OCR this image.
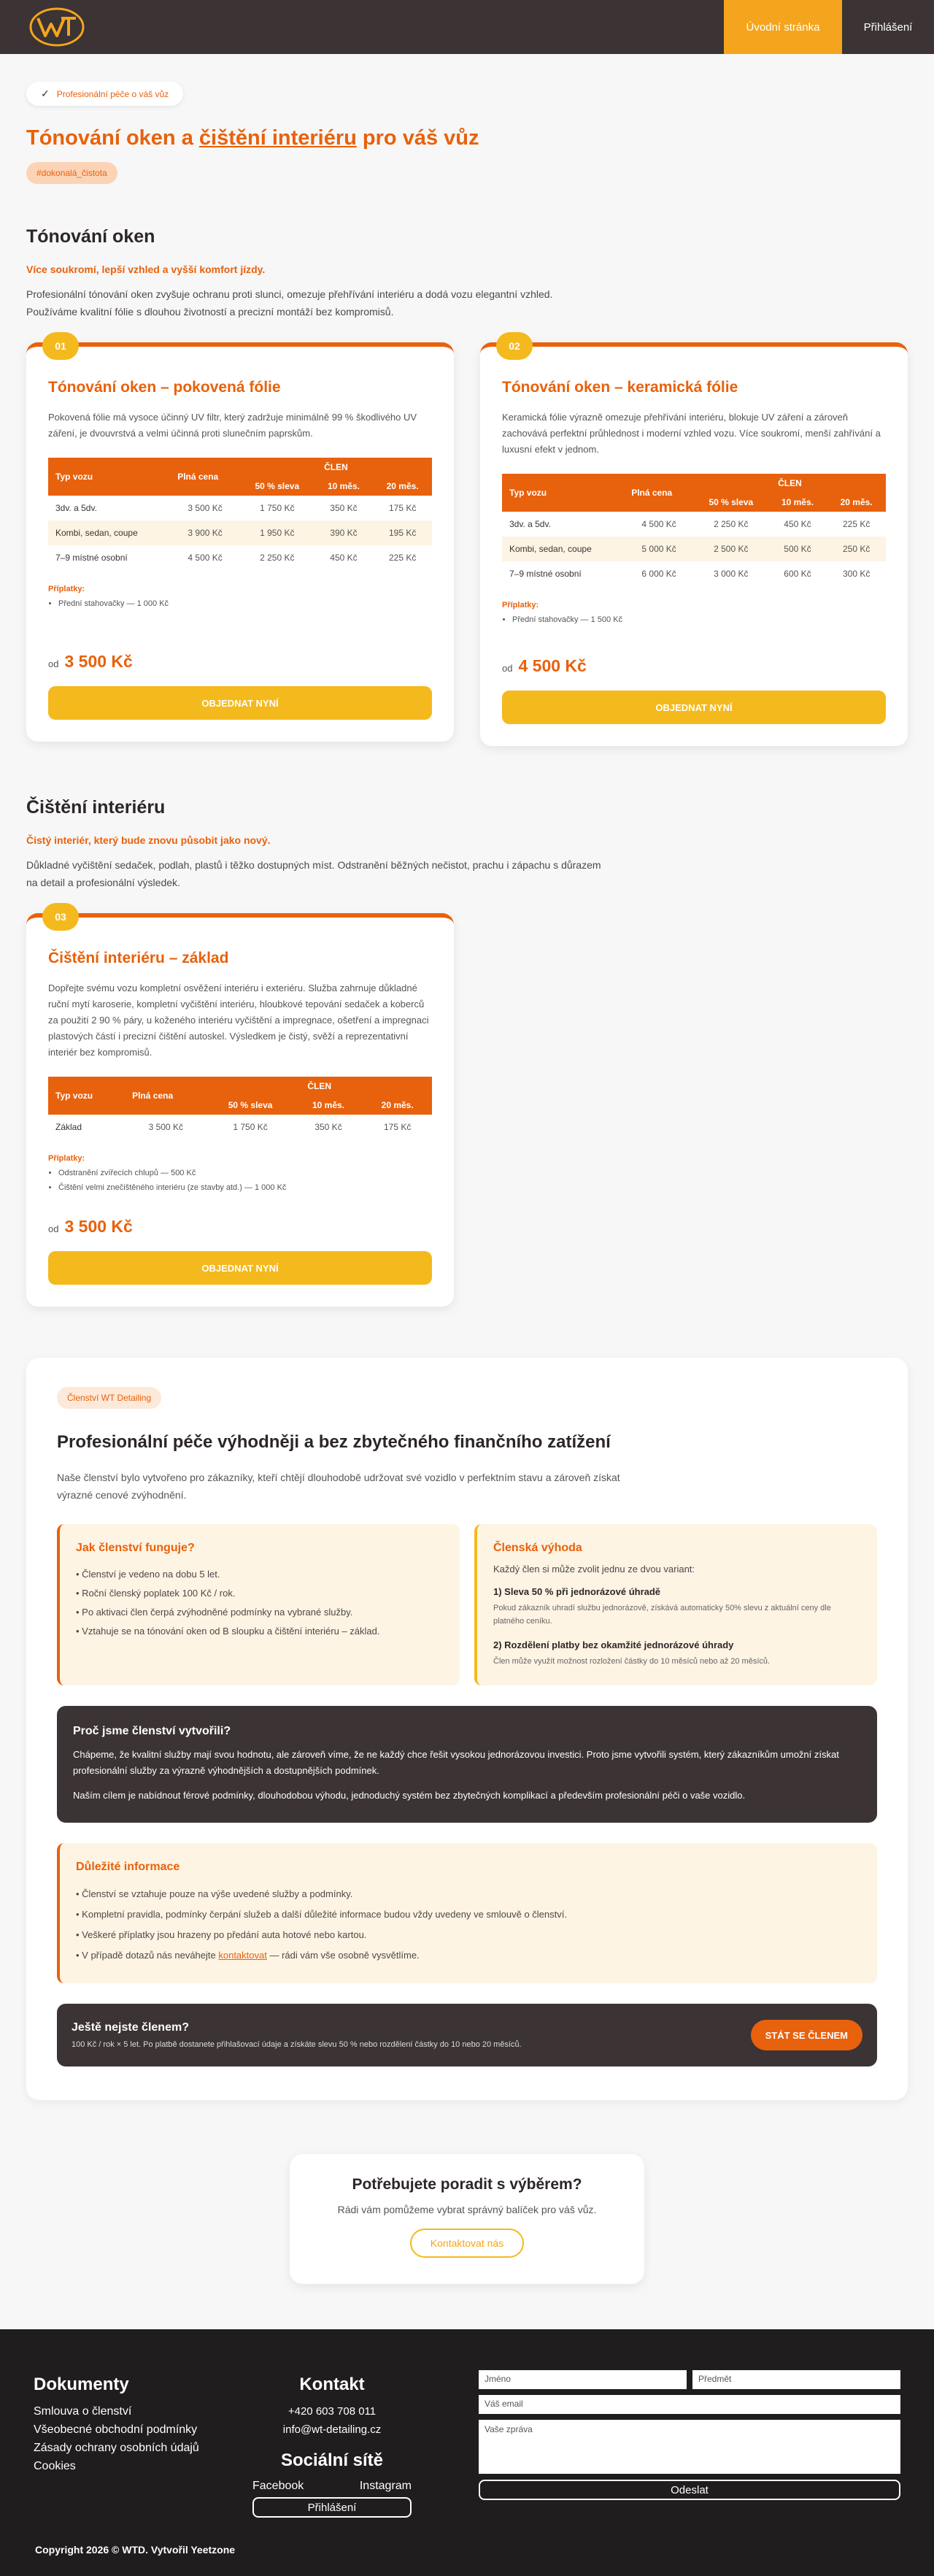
Úvodní stránka	Přihlášení
✓ Profesionální péče o váš vůz
Tónování oken a čištění interiéru pro váš vůz
#dokonalá_čistota
Tónování oken
Více soukromí, lepší vzhled a vyšší komfort jízdy.
Profesionální tónování oken zvyšuje ochranu proti slunci, omezuje přehřívání interiéru a dodá vozu elegantní vzhled. Používáme kvalitní fólie s dlouhou životností a precizní montáží bez kompromisů.
01
Tónování oken – pokovená fólie

Pokovená fólie má vysoce účinný UV filtr, který zadržuje minimálně 99 % škodlivého UV záření, je dvouvrstvá a velmi účinná proti slunečním paprskům.

Typ vozu	Plná cena	ČLEN		
		50 % sleva	10 měs.	20 měs.
3dv. a 5dv.	3 500 Kč	1 750 Kč	350 Kč	175 Kč
Kombi, sedan, coupe	3 900 Kč	1 950 Kč	390 Kč	195 Kč
7–9 místné osobní	4 500 Kč	2 250 Kč	450 Kč	225 Kč
Příplatky:
• Přední stahovačky — 1 000 Kč
od 3 500 Kč
OBJEDNAT NYNÍ
02
Tónování oken – keramická fólie

Keramická fólie výrazně omezuje přehřívání interiéru, blokuje UV záření a zároveň zachovává perfektní průhlednost i moderní vzhled vozu. Více soukromí, menší zahřívání a luxusní efekt v jednom.

Typ vozu	Plná cena	ČLEN		
		50 % sleva	10 měs.	20 měs.
3dv. a 5dv.	4 500 Kč	2 250 Kč	450 Kč	225 Kč
Kombi, sedan, coupe	5 000 Kč	2 500 Kč	500 Kč	250 Kč
7–9 místné osobní	6 000 Kč	3 000 Kč	600 Kč	300 Kč
Příplatky:
• Přední stahovačky — 1 500 Kč
od 4 500 Kč
OBJEDNAT NYNÍ
Čištění interiéru
Čistý interiér, který bude znovu působit jako nový.
Důkladné vyčištění sedaček, podlah, plastů i těžko dostupných míst. Odstranění běžných nečistot, prachu i zápachu s důrazem na detail a profesionální výsledek.
03
Čištění interiéru – základ

Dopřejte svému vozu kompletní osvěžení interiéru i exteriéru. Služba zahrnuje důkladné ruční mytí karoserie, kompletní vyčištění interiéru, hloubkové tepování sedaček a koberců za použití 2 90 % páry, u koženého interiéru vyčištění a impregnace, ošetření a impregnaci plastových částí i precizní čištění autoskel. Výsledkem je čistý, svěží a reprezentativní interiér bez kompromisů.

Typ vozu	Plná cena	ČLEN		
		50 % sleva	10 měs.	20 měs.
Základ	3 500 Kč	1 750 Kč	350 Kč	175 Kč
Příplatky:
• Odstranění zvířecích chlupů — 500 Kč
• Čištění velmi znečištěného interiéru (ze stavby atd.) — 1 000 Kč
od 3 500 Kč
OBJEDNAT NYNÍ
Členství WT Detailing
Profesionální péče výhodněji a bez zbytečného finančního zatížení

Naše členství bylo vytvořeno pro zákazníky, kteří chtějí dlouhodobě udržovat své vozidlo v perfektním stavu a zároveň získat výrazné cenové zvýhodnění.

Jak členství funguje?
• Členství je vedeno na dobu 5 let.
• Roční členský poplatek 100 Kč / rok.
• Po aktivaci člen čerpá zvýhodněné podmínky na vybrané služby.
• Vztahuje se na tónování oken od B sloupku a čištění interiéru – základ.
Členská výhoda
Každý člen si může zvolit jednu ze dvou variant:
1) Sleva 50 % při jednorázové úhradě
Pokud zákazník uhradí službu jednorázově, získává automaticky 50% slevu z aktuální ceny dle platného ceníku.
2) Rozdělení platby bez okamžité jednorázové úhrady
Člen může využít možnost rozložení částky do 10 měsíců nebo až 20 měsíců.
Proč jsme členství vytvořili?

Chápeme, že kvalitní služby mají svou hodnotu, ale zároveň víme, že ne každý chce řešit vysokou jednorázovou investici. Proto jsme vytvořili systém, který zákazníkům umožní získat profesionální služby za výrazně výhodnějších a dostupnějších podmínek.

Naším cílem je nabídnout férové podmínky, dlouhodobou výhodu, jednoduchý systém bez zbytečných komplikací a především profesionální péči o vaše vozidlo.

Důležité informace
• Členství se vztahuje pouze na výše uvedené služby a podmínky.
• Kompletní pravidla, podmínky čerpání služeb a další důležité informace budou vždy uvedeny ve smlouvě o členství.
• Veškeré příplatky jsou hrazeny po předání auta hotové nebo kartou.
• V případě dotazů nás neváhejte kontaktovat — rádi vám vše osobně vysvětlíme.
Ještě nejste členem?

100 Kč / rok × 5 let. Po platbě dostanete přihlašovací údaje a získáte slevu 50 % nebo rozdělení částky do 10 nebo 20 měsíců.

STÁT SE ČLENEM
Potřebujete poradit s výběrem?

Rádi vám pomůžeme vybrat správný balíček pro váš vůz.

Kontaktovat nás
Dokumenty
Smlouva o členství
Všeobecné obchodní podmínky
Zásady ochrany osobních údajů
Cookies
Kontakt
+420 603 708 011
info@wt-detailing.cz
Sociální sítě
Facebook	Instagram
Přihlášení
Jméno	Předmět
Váš email
Vaše zpráva
Odeslat
Copyright 2026 © WTD. Vytvořil Yeetzone
